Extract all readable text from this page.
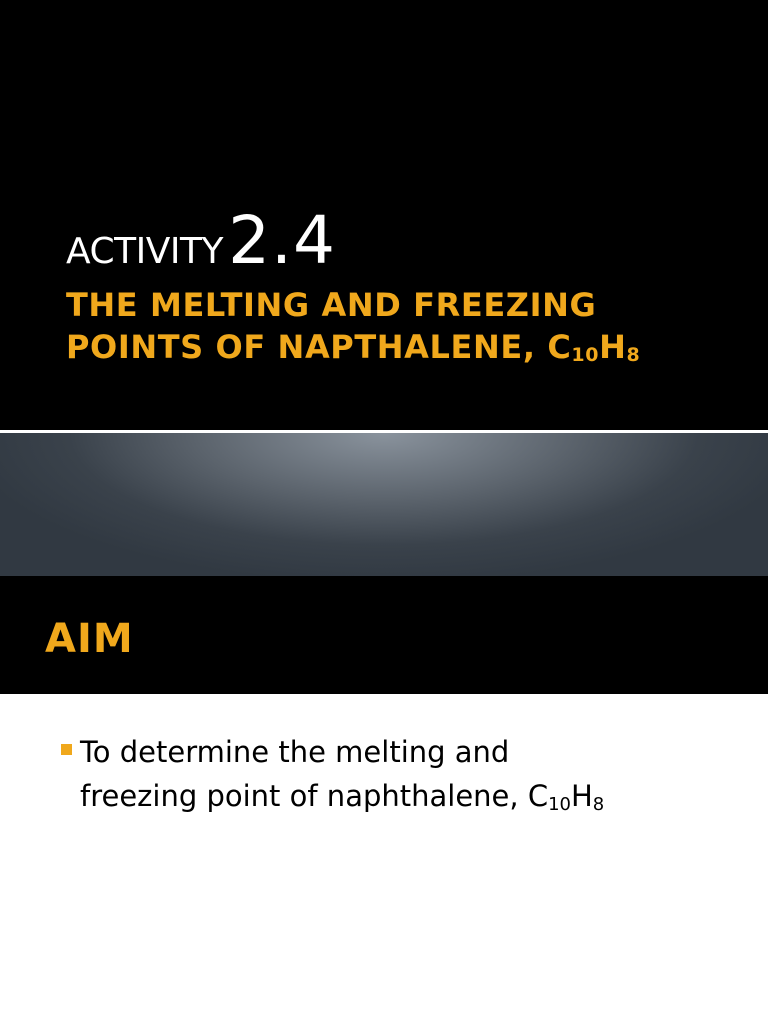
ACTIVITY 2.4
THE MELTING AND FREEZING
POINTS OF NAPTHALENE, $C_{10}H_8$
AIM
To determine the melting and
freezing point of naphthalene, $C_{10}H_8$
